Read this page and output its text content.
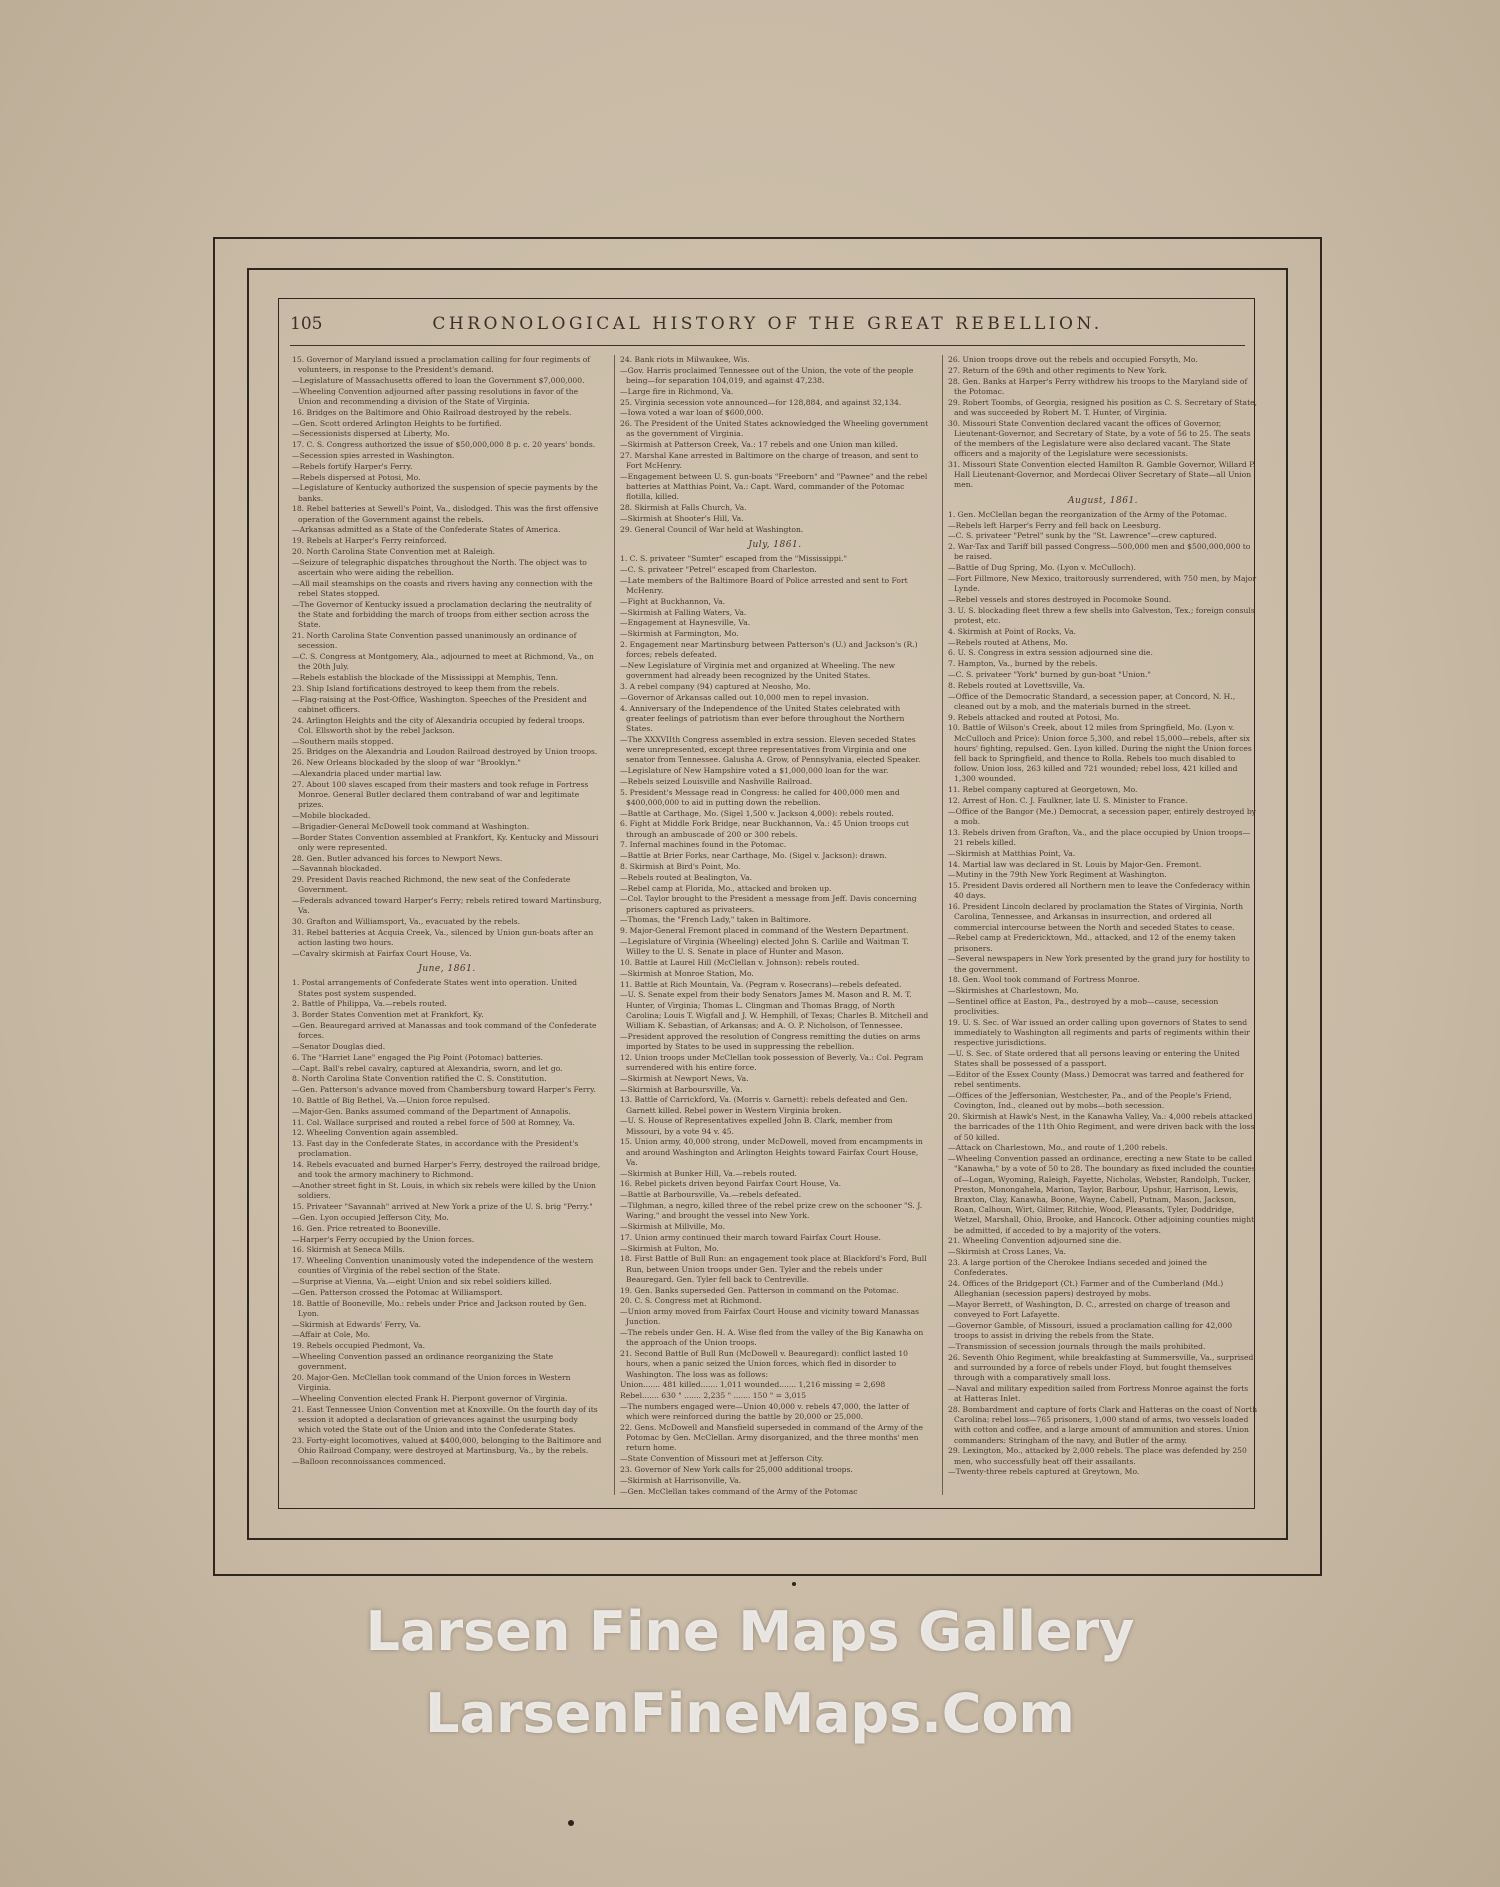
105	CHRONOLOGICAL HISTORY OF THE GREAT REBELLION.
15. Governor of Maryland issued a proclamation calling for four regiments of volunteers, in response to the President's demand.
—Legislature of Massachusetts offered to loan the Government $7,000,000.
—Wheeling Convention adjourned after passing resolutions in favor of the Union and recommending a division of the State of Virginia.
16. Bridges on the Baltimore and Ohio Railroad destroyed by the rebels.
—Gen. Scott ordered Arlington Heights to be fortified.
—Secessionists dispersed at Liberty, Mo.
17. C. S. Congress authorized the issue of $50,000,000 8 p. c. 20 years' bonds.
—Secession spies arrested in Washington.
—Rebels fortify Harper's Ferry.
—Rebels dispersed at Potosi, Mo.
—Legislature of Kentucky authorized the suspension of specie payments by the banks.
18. Rebel batteries at Sewell's Point, Va., dislodged. This was the first offensive operation of the Government against the rebels.
—Arkansas admitted as a State of the Confederate States of America.
19. Rebels at Harper's Ferry reinforced.
20. North Carolina State Convention met at Raleigh.
—Seizure of telegraphic dispatches throughout the North. The object was to ascertain who were aiding the rebellion.
—All mail steamships on the coasts and rivers having any connection with the rebel States stopped.
—The Governor of Kentucky issued a proclamation declaring the neutrality of the State and forbidding the march of troops from either section across the State.
21. North Carolina State Convention passed unanimously an ordinance of secession.
—C. S. Congress at Montgomery, Ala., adjourned to meet at Richmond, Va., on the 20th July.
—Rebels establish the blockade of the Mississippi at Memphis, Tenn.
23. Ship Island fortifications destroyed to keep them from the rebels.
—Flag-raising at the Post-Office, Washington. Speeches of the President and cabinet officers.
24. Arlington Heights and the city of Alexandria occupied by federal troops. Col. Ellsworth shot by the rebel Jackson.
—Southern mails stopped.
25. Bridges on the Alexandria and Loudon Railroad destroyed by Union troops.
26. New Orleans blockaded by the sloop of war "Brooklyn."
—Alexandria placed under martial law.
27. About 100 slaves escaped from their masters and took refuge in Fortress Monroe. General Butler declared them contraband of war and legitimate prizes.
—Mobile blockaded.
—Brigadier-General McDowell took command at Washington.
—Border States Convention assembled at Frankfort, Ky. Kentucky and Missouri only were represented.
28. Gen. Butler advanced his forces to Newport News.
—Savannah blockaded.
29. President Davis reached Richmond, the new seat of the Confederate Government.
—Federals advanced toward Harper's Ferry; rebels retired toward Martinsburg, Va.
30. Grafton and Williamsport, Va., evacuated by the rebels.
31. Rebel batteries at Acquia Creek, Va., silenced by Union gun-boats after an action lasting two hours.
—Cavalry skirmish at Fairfax Court House, Va.
June, 1861.
1. Postal arrangements of Confederate States went into operation. United States post system suspended.
2. Battle of Philippa, Va.—rebels routed.
3. Border States Convention met at Frankfort, Ky.
—Gen. Beauregard arrived at Manassas and took command of the Confederate forces.
—Senator Douglas died.
6. The "Harriet Lane" engaged the Pig Point (Potomac) batteries.
—Capt. Ball's rebel cavalry, captured at Alexandria, sworn, and let go.
8. North Carolina State Convention ratified the C. S. Constitution.
—Gen. Patterson's advance moved from Chambersburg toward Harper's Ferry.
10. Battle of Big Bethel, Va.—Union force repulsed.
—Major-Gen. Banks assumed command of the Department of Annapolis.
11. Col. Wallace surprised and routed a rebel force of 500 at Romney, Va.
12. Wheeling Convention again assembled.
13. Fast day in the Confederate States, in accordance with the President's proclamation.
14. Rebels evacuated and burned Harper's Ferry, destroyed the railroad bridge, and took the armory machinery to Richmond.
—Another street fight in St. Louis, in which six rebels were killed by the Union soldiers.
15. Privateer "Savannah" arrived at New York a prize of the U. S. brig "Perry."
—Gen. Lyon occupied Jefferson City, Mo.
16. Gen. Price retreated to Booneville.
—Harper's Ferry occupied by the Union forces.
16. Skirmish at Seneca Mills.
17. Wheeling Convention unanimously voted the independence of the western counties of Virginia of the rebel section of the State.
—Surprise at Vienna, Va.—eight Union and six rebel soldiers killed.
—Gen. Patterson crossed the Potomac at Williamsport.
18. Battle of Booneville, Mo.: rebels under Price and Jackson routed by Gen. Lyon.
—Skirmish at Edwards' Ferry, Va.
—Affair at Cole, Mo.
19. Rebels occupied Piedmont, Va.
—Wheeling Convention passed an ordinance reorganizing the State government.
20. Major-Gen. McClellan took command of the Union forces in Western Virginia.
—Wheeling Convention elected Frank H. Pierpont governor of Virginia.
21. East Tennessee Union Convention met at Knoxville. On the fourth day of its session it adopted a declaration of grievances against the usurping body which voted the State out of the Union and into the Confederate States.
23. Forty-eight locomotives, valued at $400,000, belonging to the Baltimore and Ohio Railroad Company, were destroyed at Martinsburg, Va., by the rebels.
—Balloon reconnoissances commenced.
24. Bank riots in Milwaukee, Wis.
—Gov. Harris proclaimed Tennessee out of the Union, the vote of the people being—for separation 104,019, and against 47,238.
—Large fire in Richmond, Va.
25. Virginia secession vote announced—for 128,884, and against 32,134.
—Iowa voted a war loan of $600,000.
26. The President of the United States acknowledged the Wheeling government as the government of Virginia.
—Skirmish at Patterson Creek, Va.: 17 rebels and one Union man killed.
27. Marshal Kane arrested in Baltimore on the charge of treason, and sent to Fort McHenry.
—Engagement between U. S. gun-boats "Freeborn" and "Pawnee" and the rebel batteries at Matthias Point, Va.: Capt. Ward, commander of the Potomac flotilla, killed.
28. Skirmish at Falls Church, Va.
—Skirmish at Shooter's Hill, Va.
29. General Council of War held at Washington.
July, 1861.
1. C. S. privateer "Sumter" escaped from the "Mississippi."
—C. S. privateer "Petrel" escaped from Charleston.
—Late members of the Baltimore Board of Police arrested and sent to Fort McHenry.
—Fight at Buckhannon, Va.
—Skirmish at Falling Waters, Va.
—Engagement at Haynesville, Va.
—Skirmish at Farmington, Mo.
2. Engagement near Martinsburg between Patterson's (U.) and Jackson's (R.) forces; rebels defeated.
—New Legislature of Virginia met and organized at Wheeling. The new government had already been recognized by the United States.
3. A rebel company (94) captured at Neosho, Mo.
—Governor of Arkansas called out 10,000 men to repel invasion.
4. Anniversary of the Independence of the United States celebrated with greater feelings of patriotism than ever before throughout the Northern States.
—The XXXVIIth Congress assembled in extra session. Eleven seceded States were unrepresented, except three representatives from Virginia and one senator from Tennessee. Galusha A. Grow, of Pennsylvania, elected Speaker.
—Legislature of New Hampshire voted a $1,000,000 loan for the war.
—Rebels seized Louisville and Nashville Railroad.
5. President's Message read in Congress: he called for 400,000 men and $400,000,000 to aid in putting down the rebellion.
—Battle at Carthage, Mo. (Sigel 1,500 v. Jackson 4,000): rebels routed.
6. Fight at Middle Fork Bridge, near Buckhannon, Va.: 45 Union troops cut through an ambuscade of 200 or 300 rebels.
7. Infernal machines found in the Potomac.
—Battle at Brier Forks, near Carthage, Mo. (Sigel v. Jackson): drawn.
8. Skirmish at Bird's Point, Mo.
—Rebels routed at Bealington, Va.
—Rebel camp at Florida, Mo., attacked and broken up.
—Col. Taylor brought to the President a message from Jeff. Davis concerning prisoners captured as privateers.
—Thomas, the "French Lady," taken in Baltimore.
9. Major-General Fremont placed in command of the Western Department.
—Legislature of Virginia (Wheeling) elected John S. Carlile and Waitman T. Willey to the U. S. Senate in place of Hunter and Mason.
10. Battle at Laurel Hill (McClellan v. Johnson): rebels routed.
—Skirmish at Monroe Station, Mo.
11. Battle at Rich Mountain, Va. (Pegram v. Rosecrans)—rebels defeated.
—U. S. Senate expel from their body Senators James M. Mason and R. M. T. Hunter, of Virginia; Thomas L. Clingman and Thomas Bragg, of North Carolina; Louis T. Wigfall and J. W. Hemphill, of Texas; Charles B. Mitchell and William K. Sebastian, of Arkansas; and A. O. P. Nicholson, of Tennessee.
—President approved the resolution of Congress remitting the duties on arms imported by States to be used in suppressing the rebellion.
12. Union troops under McClellan took possession of Beverly, Va.: Col. Pegram surrendered with his entire force.
—Skirmish at Newport News, Va.
—Skirmish at Barboursville, Va.
13. Battle of Carrickford, Va. (Morris v. Garnett): rebels defeated and Gen. Garnett killed. Rebel power in Western Virginia broken.
—U. S. House of Representatives expelled John B. Clark, member from Missouri, by a vote 94 v. 45.
15. Union army, 40,000 strong, under McDowell, moved from encampments in and around Washington and Arlington Heights toward Fairfax Court House, Va.
—Skirmish at Bunker Hill, Va.—rebels routed.
16. Rebel pickets driven beyond Fairfax Court House, Va.
—Battle at Barboursville, Va.—rebels defeated.
—Tilghman, a negro, killed three of the rebel prize crew on the schooner "S. J. Waring," and brought the vessel into New York.
—Skirmish at Millville, Mo.
17. Union army continued their march toward Fairfax Court House.
—Skirmish at Fulton, Mo.
18. First Battle of Bull Run: an engagement took place at Blackford's Ford, Bull Run, between Union troops under Gen. Tyler and the rebels under Beauregard. Gen. Tyler fell back to Centreville.
19. Gen. Banks superseded Gen. Patterson in command on the Potomac.
20. C. S. Congress met at Richmond.
—Union army moved from Fairfax Court House and vicinity toward Manassas Junction.
—The rebels under Gen. H. A. Wise fled from the valley of the Big Kanawha on the approach of the Union troops.
21. Second Battle of Bull Run (McDowell v. Beauregard): conflict lasted 10 hours, when a panic seized the Union forces, which fled in disorder to Washington. The loss was as follows:
Union....... 481 killed....... 1,011 wounded....... 1,216 missing = 2,698
Rebel....... 630 " ....... 2,235 " ....... 150 " = 3,015
—The numbers engaged were—Union 40,000 v. rebels 47,000, the latter of which were reinforced during the battle by 20,000 or 25,000.
22. Gens. McDowell and Mansfield superseded in command of the Army of the Potomac by Gen. McClellan. Army disorganized, and the three months' men return home.
—State Convention of Missouri met at Jefferson City.
23. Governor of New York calls for 25,000 additional troops.
—Skirmish at Harrisonville, Va.
—Gen. McClellan takes command of the Army of the Potomac
26. Union troops drove out the rebels and occupied Forsyth, Mo.
27. Return of the 69th and other regiments to New York.
28. Gen. Banks at Harper's Ferry withdrew his troops to the Maryland side of the Potomac.
29. Robert Toombs, of Georgia, resigned his position as C. S. Secretary of State, and was succeeded by Robert M. T. Hunter, of Virginia.
30. Missouri State Convention declared vacant the offices of Governor, Lieutenant-Governor, and Secretary of State, by a vote of 56 to 25. The seats of the members of the Legislature were also declared vacant. The State officers and a majority of the Legislature were secessionists.
31. Missouri State Convention elected Hamilton R. Gamble Governor, Willard P. Hall Lieutenant-Governor, and Mordecai Oliver Secretary of State—all Union men.
August, 1861.
1. Gen. McClellan began the reorganization of the Army of the Potomac.
—Rebels left Harper's Ferry and fell back on Leesburg.
—C. S. privateer "Petrel" sunk by the "St. Lawrence"—crew captured.
2. War-Tax and Tariff bill passed Congress—500,000 men and $500,000,000 to be raised.
—Battle of Dug Spring, Mo. (Lyon v. McCulloch).
—Fort Fillmore, New Mexico, traitorously surrendered, with 750 men, by Major Lynde.
—Rebel vessels and stores destroyed in Pocomoke Sound.
3. U. S. blockading fleet threw a few shells into Galveston, Tex.; foreign consuls protest, etc.
4. Skirmish at Point of Rocks, Va.
—Rebels routed at Athens, Mo.
6. U. S. Congress in extra session adjourned sine die.
7. Hampton, Va., burned by the rebels.
—C. S. privateer "York" burned by gun-boat "Union."
8. Rebels routed at Lovettsville, Va.
—Office of the Democratic Standard, a secession paper, at Concord, N. H., cleaned out by a mob, and the materials burned in the street.
9. Rebels attacked and routed at Potosi, Mo.
10. Battle of Wilson's Creek, about 12 miles from Springfield, Mo. (Lyon v. McCulloch and Price): Union force 5,300, and rebel 15,000—rebels, after six hours' fighting, repulsed. Gen. Lyon killed. During the night the Union forces fell back to Springfield, and thence to Rolla. Rebels too much disabled to follow. Union loss, 263 killed and 721 wounded; rebel loss, 421 killed and 1,300 wounded.
11. Rebel company captured at Georgetown, Mo.
12. Arrest of Hon. C. J. Faulkner, late U. S. Minister to France.
—Office of the Bangor (Me.) Democrat, a secession paper, entirely destroyed by a mob.
13. Rebels driven from Grafton, Va., and the place occupied by Union troops—21 rebels killed.
—Skirmish at Matthias Point, Va.
14. Martial law was declared in St. Louis by Major-Gen. Fremont.
—Mutiny in the 79th New York Regiment at Washington.
15. President Davis ordered all Northern men to leave the Confederacy within 40 days.
16. President Lincoln declared by proclamation the States of Virginia, North Carolina, Tennessee, and Arkansas in insurrection, and ordered all commercial intercourse between the North and seceded States to cease.
—Rebel camp at Fredericktown, Md., attacked, and 12 of the enemy taken prisoners.
—Several newspapers in New York presented by the grand jury for hostility to the government.
18. Gen. Wool took command of Fortress Monroe.
—Skirmishes at Charlestown, Mo.
—Sentinel office at Easton, Pa., destroyed by a mob—cause, secession proclivities.
19. U. S. Sec. of War issued an order calling upon governors of States to send immediately to Washington all regiments and parts of regiments within their respective jurisdictions.
—U. S. Sec. of State ordered that all persons leaving or entering the United States shall be possessed of a passport.
—Editor of the Essex County (Mass.) Democrat was tarred and feathered for rebel sentiments.
—Offices of the Jeffersonian, Westchester, Pa., and of the People's Friend, Covington, Ind., cleaned out by mobs—both secession.
20. Skirmish at Hawk's Nest, in the Kanawha Valley, Va.: 4,000 rebels attacked the barricades of the 11th Ohio Regiment, and were driven back with the loss of 50 killed.
—Attack on Charlestown, Mo., and route of 1,200 rebels.
—Wheeling Convention passed an ordinance, erecting a new State to be called "Kanawha," by a vote of 50 to 28. The boundary as fixed included the counties of—Logan, Wyoming, Raleigh, Fayette, Nicholas, Webster, Randolph, Tucker, Preston, Monongahela, Marion, Taylor, Barbour, Upshur, Harrison, Lewis, Braxton, Clay, Kanawha, Boone, Wayne, Cabell, Putnam, Mason, Jackson, Roan, Calhoun, Wirt, Gilmer, Ritchie, Wood, Pleasants, Tyler, Doddridge, Wetzel, Marshall, Ohio, Brooke, and Hancock. Other adjoining counties might be admitted, if acceded to by a majority of the voters.
21. Wheeling Convention adjourned sine die.
—Skirmish at Cross Lanes, Va.
23. A large portion of the Cherokee Indians seceded and joined the Confederates.
24. Offices of the Bridgeport (Ct.) Farmer and of the Cumberland (Md.) Alleghanian (secession papers) destroyed by mobs.
—Mayor Berrett, of Washington, D. C., arrested on charge of treason and conveyed to Fort Lafayette.
—Governor Gamble, of Missouri, issued a proclamation calling for 42,000 troops to assist in driving the rebels from the State.
—Transmission of secession journals through the mails prohibited.
26. Seventh Ohio Regiment, while breakfasting at Summersville, Va., surprised and surrounded by a force of rebels under Floyd, but fought themselves through with a comparatively small loss.
—Naval and military expedition sailed from Fortress Monroe against the forts at Hatteras Inlet.
28. Bombardment and capture of forts Clark and Hatteras on the coast of North Carolina; rebel loss—765 prisoners, 1,000 stand of arms, two vessels loaded with cotton and coffee, and a large amount of ammunition and stores. Union commanders: Stringham of the navy, and Butler of the army.
29. Lexington, Mo., attacked by 2,000 rebels. The place was defended by 250 men, who successfully beat off their assailants.
—Twenty-three rebels captured at Greytown, Mo.
Larsen Fine Maps Gallery
LarsenFineMaps.Com
